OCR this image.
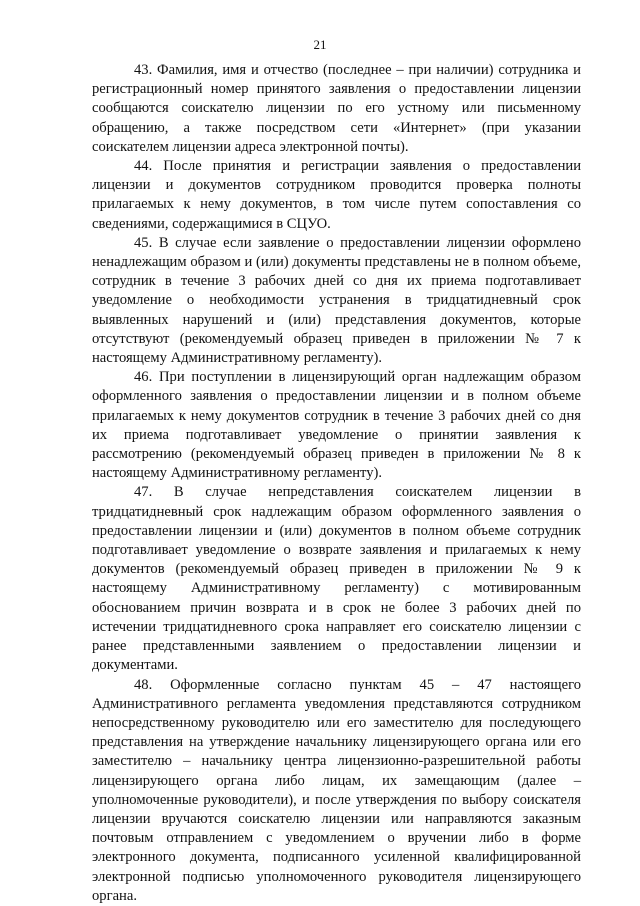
21

43. Фамилия, имя и отчество (последнее – при наличии) сотрудника и регистрационный номер принятого заявления о предоставлении лицензии сообщаются соискателю лицензии по его устному или письменному обращению, а также посредством сети «Интернет» (при указании соискателем лицензии адреса электронной почты).

44. После принятия и регистрации заявления о предоставлении лицензии и документов сотрудником проводится проверка полноты прилагаемых к нему документов, в том числе путем сопоставления со сведениями, содержащимися в СЦУО.

45. В случае если заявление о предоставлении лицензии оформлено ненадлежащим образом и (или) документы представлены не в полном объеме, сотрудник в течение 3 рабочих дней со дня их приема подготавливает уведомление о необходимости устранения в тридцатидневный срок выявленных нарушений и (или) представления документов, которые отсутствуют (рекомендуемый образец приведен в приложении № 7 к настоящему Административному регламенту).

46. При поступлении в лицензирующий орган надлежащим образом оформленного заявления о предоставлении лицензии и в полном объеме прилагаемых к нему документов сотрудник в течение 3 рабочих дней со дня их приема подготавливает уведомление о принятии заявления к рассмотрению (рекомендуемый образец приведен в приложении № 8 к настоящему Административному регламенту).

47. В случае непредставления соискателем лицензии в тридцатидневный срок надлежащим образом оформленного заявления о предоставлении лицензии и (или) документов в полном объеме сотрудник подготавливает уведомление о возврате заявления и прилагаемых к нему документов (рекомендуемый образец приведен в приложении № 9 к настоящему Административному регламенту) с мотивированным обоснованием причин возврата и в срок не более 3 рабочих дней по истечении тридцатидневного срока направляет его соискателю лицензии с ранее представленными заявлением о предоставлении лицензии и документами.

48. Оформленные согласно пунктам 45 – 47 настоящего Административного регламента уведомления представляются сотрудником непосредственному руководителю или его заместителю для последующего представления на утверждение начальнику лицензирующего органа или его заместителю – начальнику центра лицензионно-разрешительной работы лицензирующего органа либо лицам, их замещающим (далее – уполномоченные руководители), и после утверждения по выбору соискателя лицензии вручаются соискателю лицензии или направляются заказным почтовым отправлением с уведомлением о вручении либо в форме электронного документа, подписанного усиленной квалифицированной электронной подписью уполномоченного руководителя лицензирующего органа.
